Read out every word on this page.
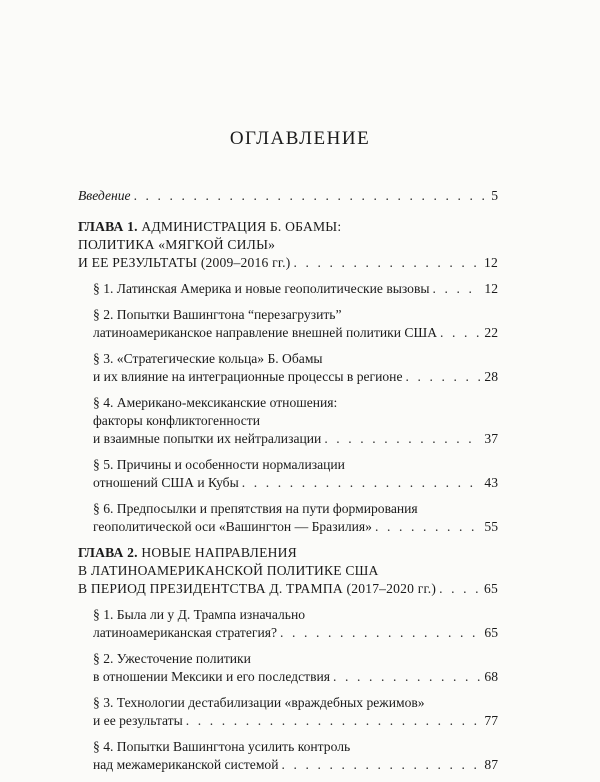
ОГЛАВЛЕНИЕ
Введение . . .	5
ГЛАВА 1. АДМИНИСТРАЦИЯ Б. ОБАМЫ:
ПОЛИТИКА «МЯГКОЙ СИЛЫ»
И ЕЕ РЕЗУЛЬТАТЫ (2009–2016 гг.) . . .	12
§ 1. Латинская Америка и новые геополитические вызовы . . .	12
§ 2. Попытки Вашингтона “перезагрузить”
латиноамериканское направление внешней политики США . . .	22
§ 3. «Стратегические кольца» Б. Обамы
и их влияние на интеграционные процессы в регионе . . .	28
§ 4. Американо-мексиканские отношения:
факторы конфликтогенности
и взаимные попытки их нейтрализации . . .	37
§ 5. Причины и особенности нормализации
отношений США и Кубы . . .	43
§ 6. Предпосылки и препятствия на пути формирования
геополитической оси «Вашингтон — Бразилия» . . .	55
ГЛАВА 2. НОВЫЕ НАПРАВЛЕНИЯ
В ЛАТИНОАМЕРИКАНСКОЙ ПОЛИТИКЕ США
В ПЕРИОД ПРЕЗИДЕНТСТВА Д. ТРАМПА (2017–2020 гг.) . . .	65
§ 1. Была ли у Д. Трампа изначально
латиноамериканская стратегия? . . .	65
§ 2. Ужесточение политики
в отношении Мексики и его последствия . . .	68
§ 3. Технологии дестабилизации «враждебных режимов»
и ее результаты . . .	77
§ 4. Попытки Вашингтона усилить контроль
над межамериканской системой . . .	87
